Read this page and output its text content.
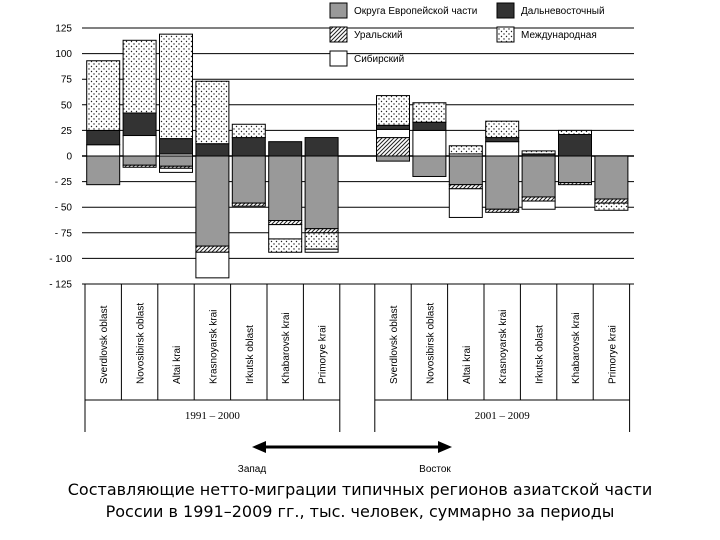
125
100
75
50
25
0
- 25
- 50
- 75
- 100
- 125
Sverdlovsk oblast	Novosibirsk oblast	Altai krai	Krasnoyarsk krai	Irkutsk oblast	Khabarovsk krai	Primorye krai	Sverdlovsk oblast	Novosibirsk oblast	Altai krai	Krasnoyarsk krai	Irkutsk oblast	Khabarovsk krai	Primorye krai
1991 – 2000	2001 – 2009
Округа Европейской части	Дальневосточный
Уральский	Международная
Сибирский
Запад	Восток
Составляющие нетто-миграции типичных регионов азиатской части
России в 1991–2009 гг., тыс. человек, суммарно за периоды
